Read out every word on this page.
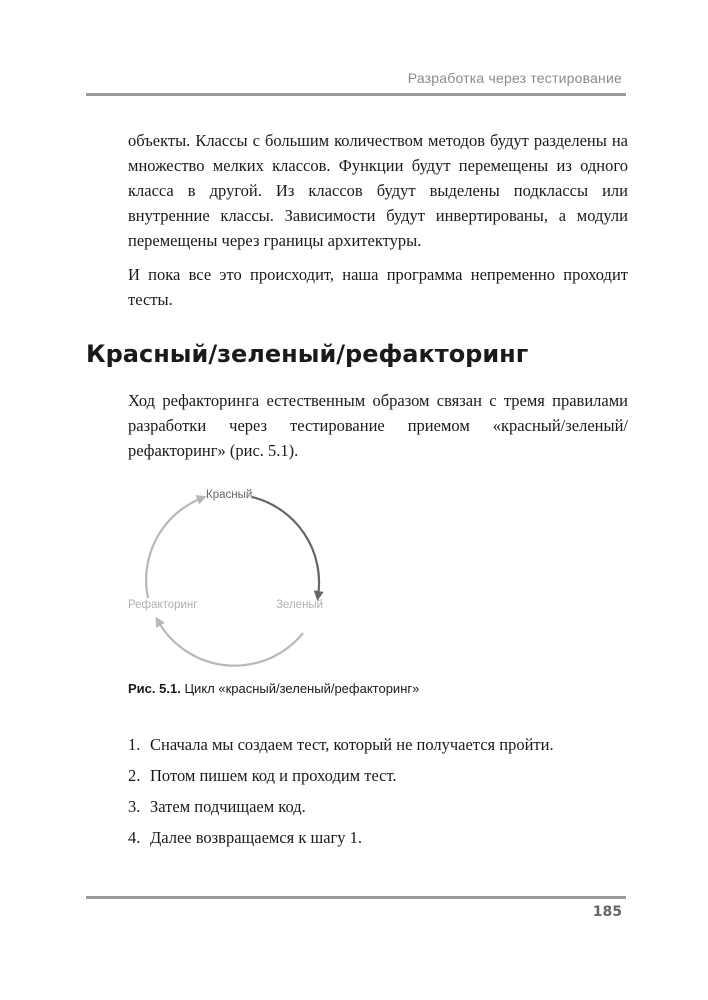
Разработка через тестирование

объекты. Классы с большим количеством методов будут разделены на множество мелких классов. Функции будут перемещены из одного класса в другой. Из классов будут выделены подклассы или внутренние классы. Зависимости будут инвертированы, а модули перемещены через границы архитектуры.

И пока все это происходит, наша программа непременно проходит тесты.

Красный/зеленый/рефакторинг

Ход рефакторинга естественным образом связан с тремя правилами разработки через тестирование приемом «красный/зеленый/рефакторинг» (рис. 5.1).

Красный
Зеленый
Рефакторинг
Рис. 5.1. Цикл «красный/зеленый/рефакторинг»
1. Сначала мы создаем тест, который не получается пройти.
2. Потом пишем код и проходим тест.
3. Затем подчищаем код.
4. Далее возвращаемся к шагу 1.
185
